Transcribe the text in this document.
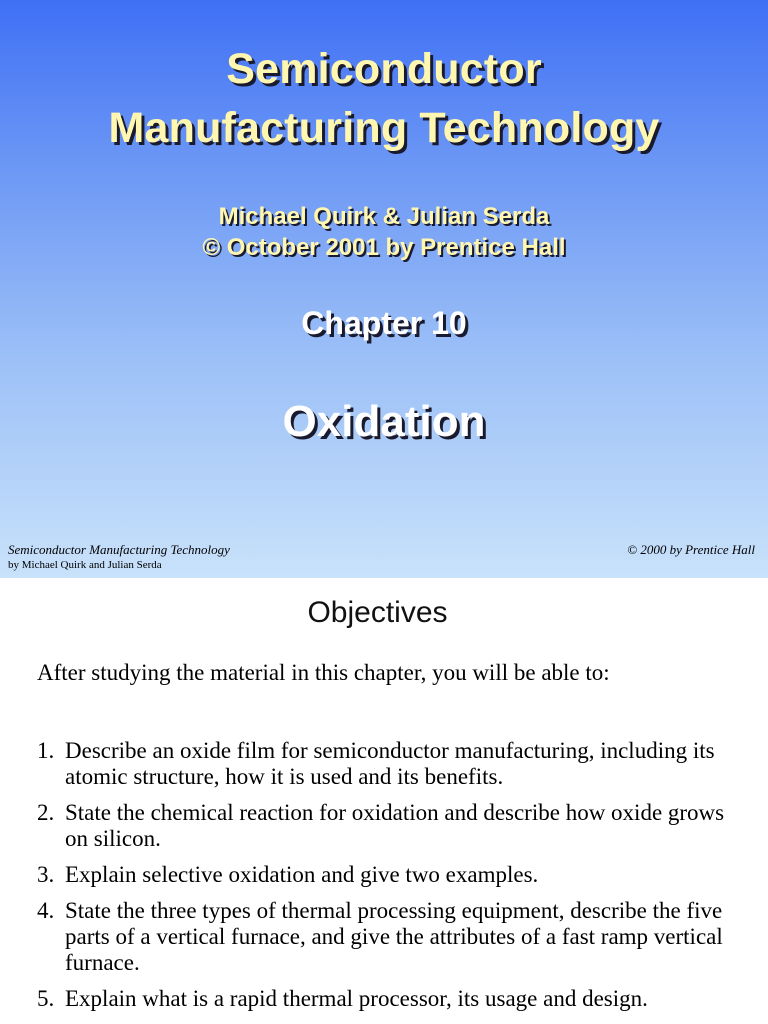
Semiconductor
Manufacturing Technology
Michael Quirk & Julian Serda
© October 2001 by Prentice Hall
Chapter 10
Oxidation
Semiconductor Manufacturing Technology
by Michael Quirk and Julian Serda
© 2000 by Prentice Hall
Objectives
After studying the material in this chapter, you will be able to:
1. Describe an oxide film for semiconductor manufacturing, including its atomic structure, how it is used and its benefits.
2. State the chemical reaction for oxidation and describe how oxide grows on silicon.
3. Explain selective oxidation and give two examples.
4. State the three types of thermal processing equipment, describe the five parts of a vertical furnace, and give the attributes of a fast ramp vertical furnace.
5. Explain what is a rapid thermal processor, its usage and design.
